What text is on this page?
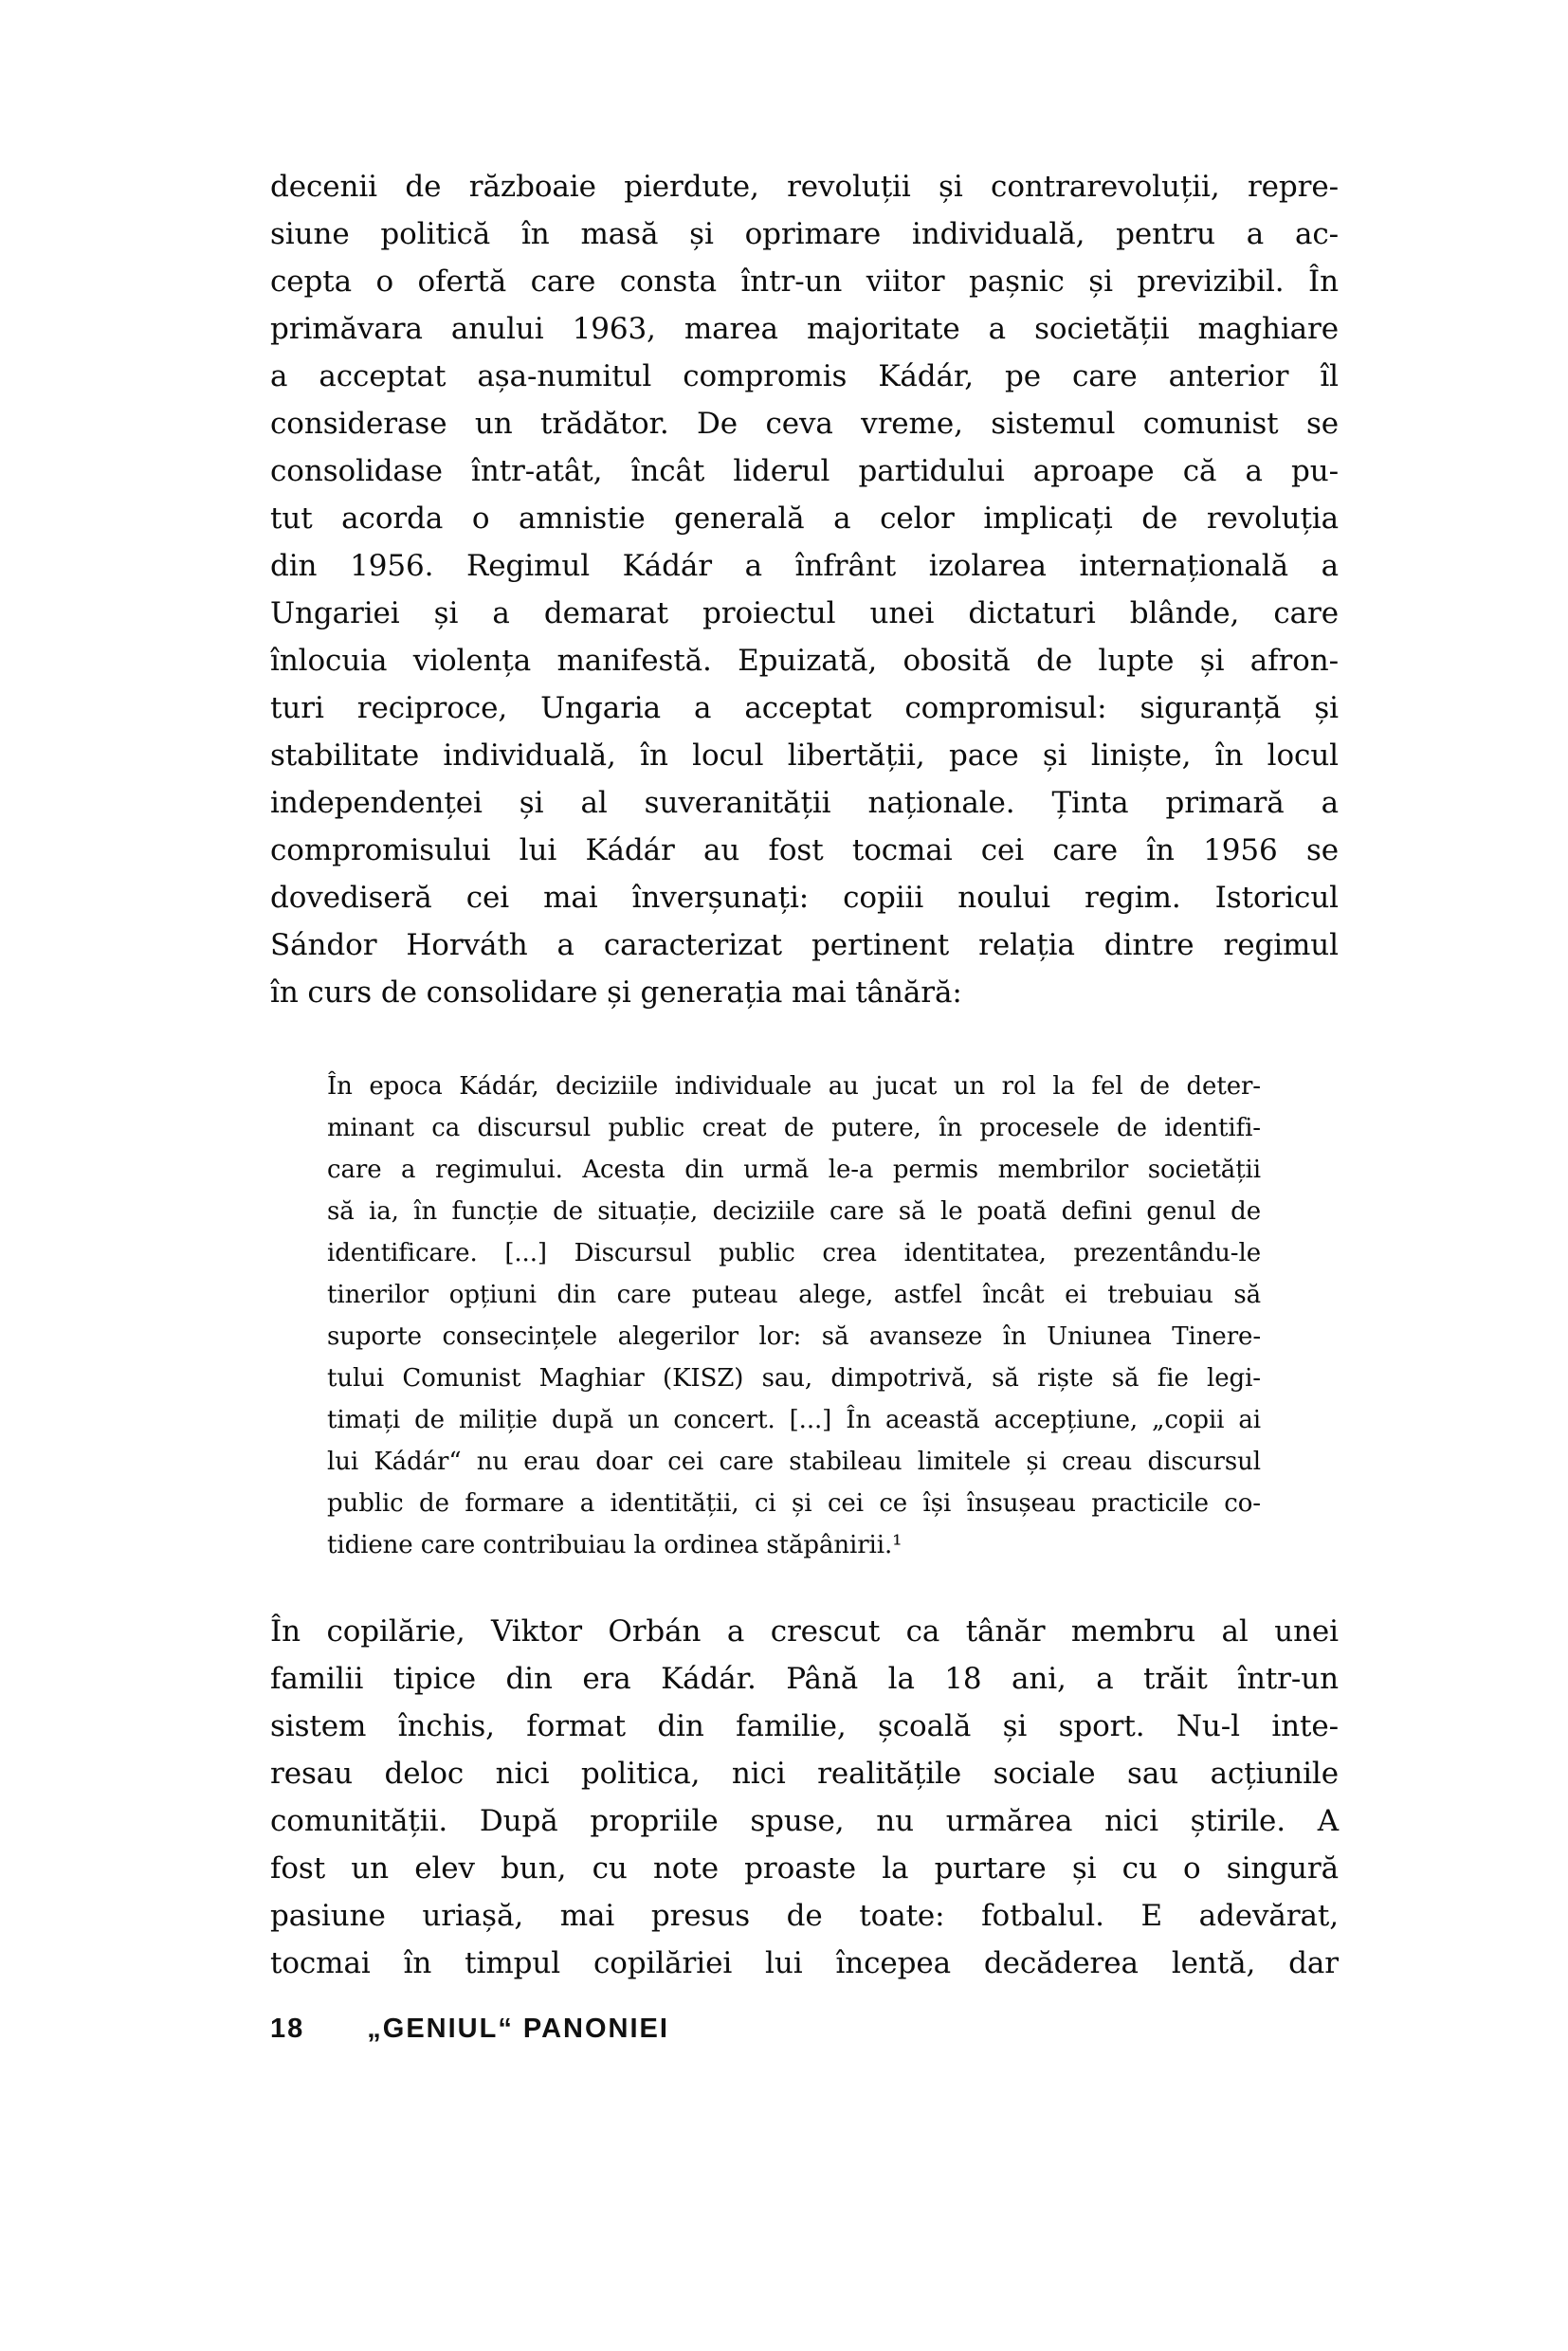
decenii de războaie pierdute, revoluții și contrarevoluții, repre-
siune politică în masă și oprimare individuală, pentru a ac-
cepta o ofertă care consta într-un viitor pașnic și previzibil. În
primăvara anului 1963, marea majoritate a societății maghiare
a acceptat așa-numitul compromis Kádár, pe care anterior îl
considerase un trădător. De ceva vreme, sistemul comunist se
consolidase într-atât, încât liderul partidului aproape că a pu-
tut acorda o amnistie generală a celor implicați de revoluția
din 1956. Regimul Kádár a înfrânt izolarea internațională a
Ungariei și a demarat proiectul unei dictaturi blânde, care
înlocuia violența manifestă. Epuizată, obosită de lupte și afron-
turi reciproce, Ungaria a acceptat compromisul: siguranță și
stabilitate individuală, în locul libertății, pace și liniște, în locul
independenței și al suveranității naționale. Ținta primară a
compromisului lui Kádár au fost tocmai cei care în 1956 se
dovediseră cei mai înverșunați: copiii noului regim. Istoricul
Sándor Horváth a caracterizat pertinent relația dintre regimul
în curs de consolidare și generația mai tânără:
În epoca Kádár, deciziile individuale au jucat un rol la fel de deter-
minant ca discursul public creat de putere, în procesele de identifi-
care a regimului. Acesta din urmă le-a permis membrilor societății
să ia, în funcție de situație, deciziile care să le poată defini genul de
identificare. [...] Discursul public crea identitatea, prezentându-le
tinerilor opțiuni din care puteau alege, astfel încât ei trebuiau să
suporte consecințele alegerilor lor: să avanseze în Uniunea Tinere-
tului Comunist Maghiar (KISZ) sau, dimpotrivă, să riște să fie legi-
timați de miliție după un concert. [...] În această accepțiune, „copii ai
lui Kádár“ nu erau doar cei care stabileau limitele și creau discursul
public de formare a identității, ci și cei ce își însușeau practicile co-
tidiene care contribuiau la ordinea stăpânirii.¹
În copilărie, Viktor Orbán a crescut ca tânăr membru al unei
familii tipice din era Kádár. Până la 18 ani, a trăit într-un
sistem închis, format din familie, școală și sport. Nu-l inte-
resau deloc nici politica, nici realitățile sociale sau acțiunile
comunității. După propriile spuse, nu urmărea nici știrile. A
fost un elev bun, cu note proaste la purtare și cu o singură
pasiune uriașă, mai presus de toate: fotbalul. E adevărat,
tocmai în timpul copilăriei lui începea decăderea lentă, dar
18 „GENIUL“ PANONIEI
